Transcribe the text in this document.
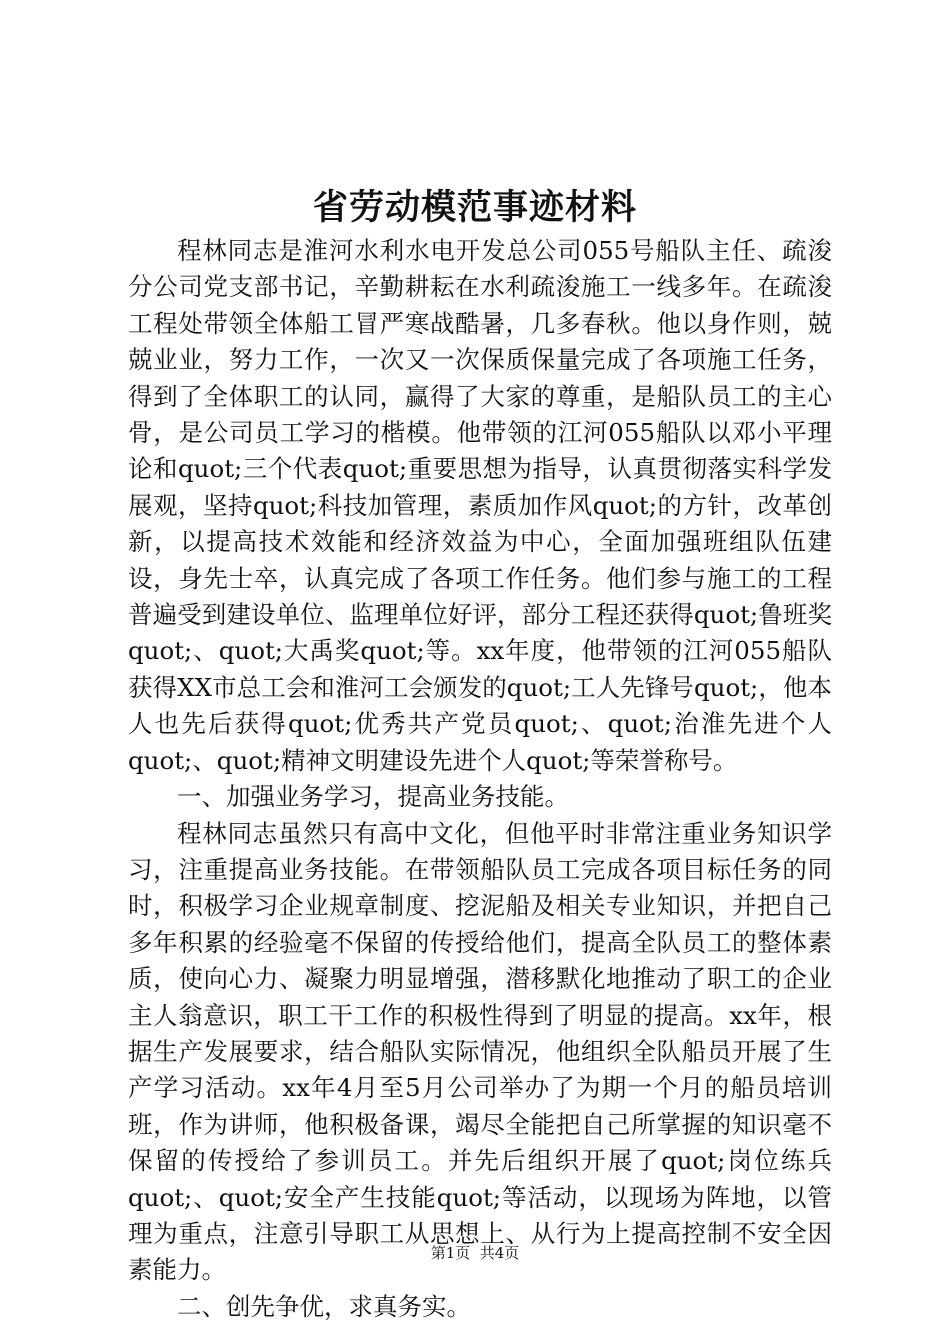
省劳动模范事迹材料

程林同志是淮河水利水电开发总公司055号船队主任、疏浚分公司党支部书记，辛勤耕耘在水利疏浚施工一线多年。在疏浚工程处带领全体船工冒严寒战酷暑，几多春秋。他以身作则，兢兢业业，努力工作，一次又一次保质保量完成了各项施工任务，得到了全体职工的认同，赢得了大家的尊重，是船队员工的主心骨，是公司员工学习的楷模。他带领的江河055船队以邓小平理论和quot;三个代表quot;重要思想为指导，认真贯彻落实科学发展观，坚持quot;科技加管理，素质加作风quot;的方针，改革创新，以提高技术效能和经济效益为中心，全面加强班组队伍建设，身先士卒，认真完成了各项工作任务。他们参与施工的工程普遍受到建设单位、监理单位好评，部分工程还获得quot;鲁班奖quot;、quot;大禹奖quot;等。xx年度，他带领的江河055船队获得XX市总工会和淮河工会颁发的quot;工人先锋号quot;，他本人也先后获得quot;优秀共产党员quot;、quot;治淮先进个人quot;、quot;精神文明建设先进个人quot;等荣誉称号。

一、加强业务学习，提高业务技能。

程林同志虽然只有高中文化，但他平时非常注重业务知识学习，注重提高业务技能。在带领船队员工完成各项目标任务的同时，积极学习企业规章制度、挖泥船及相关专业知识，并把自己多年积累的经验毫不保留的传授给他们，提高全队员工的整体素质，使向心力、凝聚力明显增强，潜移默化地推动了职工的企业主人翁意识，职工干工作的积极性得到了明显的提高。xx年，根据生产发展要求，结合船队实际情况，他组织全队船员开展了生产学习活动。xx年4月至5月公司举办了为期一个月的船员培训班，作为讲师，他积极备课，竭尽全能把自己所掌握的知识毫不保留的传授给了参训员工。并先后组织开展了quot;岗位练兵quot;、quot;安全产生技能quot;等活动，以现场为阵地，以管理为重点，注意引导职工从思想上、从行为上提高控制不安全因素能力。

二、创先争优，求真务实。

第1页  共4页
